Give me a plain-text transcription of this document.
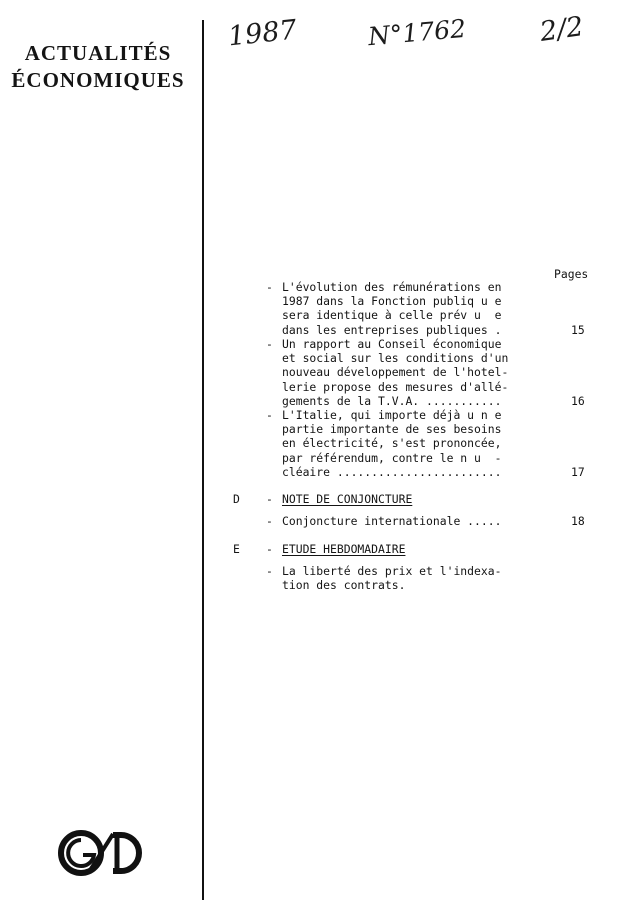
ACTUALITÉS
ÉCONOMIQUES
1987	N°1762	2/2
Pages
- L'évolution des rémunérations en
1987 dans la Fonction publiq u e
sera identique à celle prév u  e
dans les entreprises publiques .	15
- Un rapport au Conseil économique
et social sur les conditions d'un
nouveau développement de l'hotel-
lerie propose des mesures d'allé-
gements de la T.V.A. ...........	16
- L'Italie, qui importe déjà u n e
partie importante de ses besoins
en électricité, s'est prononcée,
par référendum, contre le n u  -
cléaire ........................	17
D - NOTE DE CONJONCTURE
- Conjoncture internationale .....	18
E - ETUDE HEBDOMADAIRE
- La liberté des prix et l'indexa-
tion des contrats.
